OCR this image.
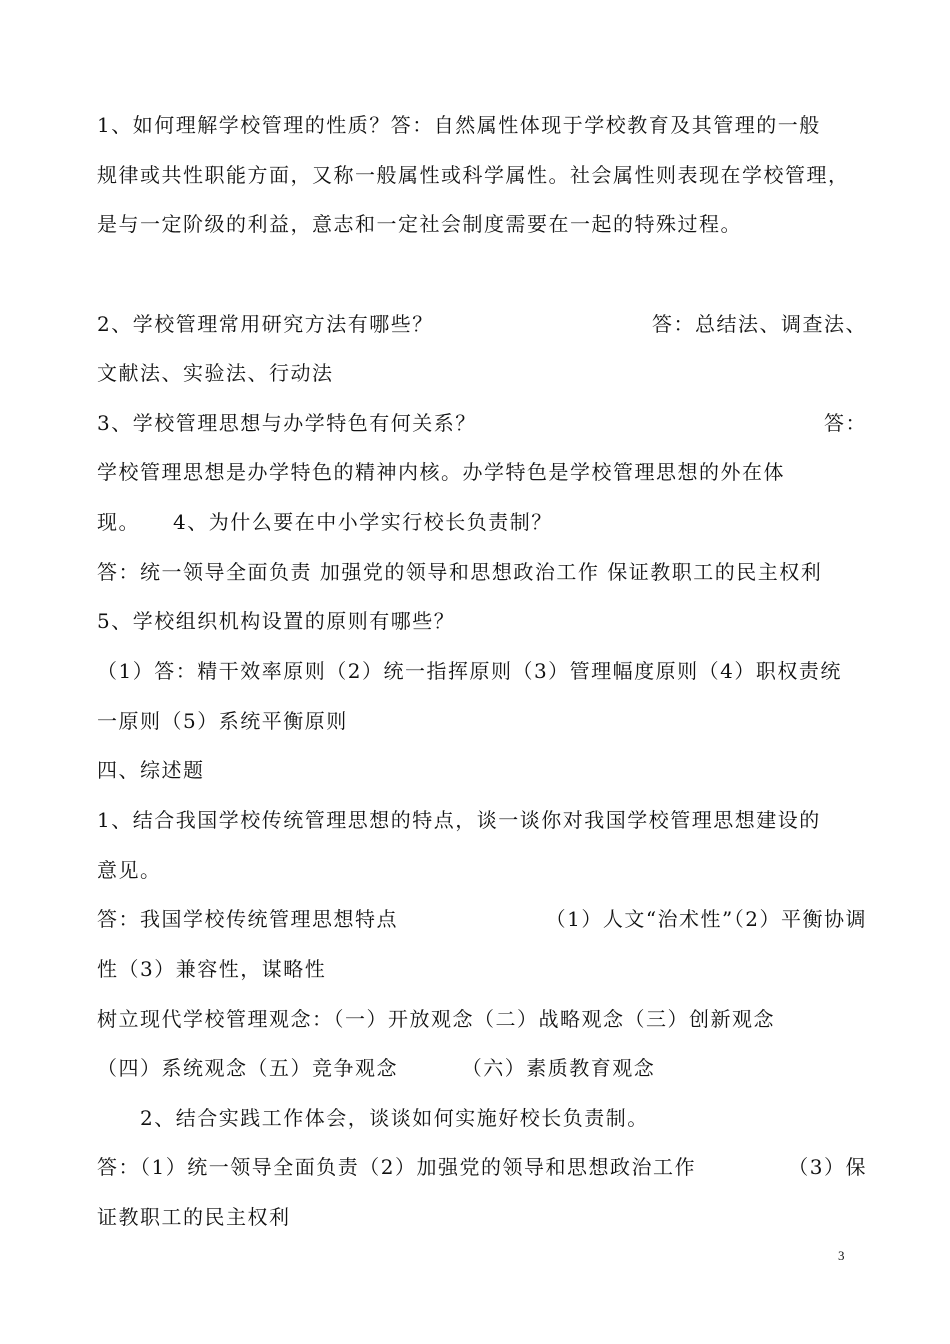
1、如何理解学校管理的性质？答：自然属性体现于学校教育及其管理的一般
规律或共性职能方面，又称一般属性或科学属性。社会属性则表现在学校管理，
是与一定阶级的利益，意志和一定社会制度需要在一起的特殊过程。
2、学校管理常用研究方法有哪些？	答：总结法、调查法、
文献法、实验法、行动法
3、学校管理思想与办学特色有何关系？	答：
学校管理思想是办学特色的精神内核。办学特色是学校管理思想的外在体
现。　　4、为什么要在中小学实行校长负责制？
答：统一领导全面负责 加强党的领导和思想政治工作 保证教职工的民主权利
5、学校组织机构设置的原则有哪些？
（1）答：精干效率原则（2）统一指挥原则（3）管理幅度原则（4）职权责统
一原则（5）系统平衡原则
四、综述题
1、结合我国学校传统管理思想的特点，谈一谈你对我国学校管理思想建设的
意见。
答：我国学校传统管理思想特点	（1）人文“治术性”（2）平衡协调
性（3）兼容性，谋略性
树立现代学校管理观念：（一）开放观念（二）战略观念（三）创新观念
（四）系统观念（五）竞争观念	（六）素质教育观念
2、结合实践工作体会，谈谈如何实施好校长负责制。
答：（1）统一领导全面负责（2）加强党的领导和思想政治工作	（3）保
证教职工的民主权利
3
